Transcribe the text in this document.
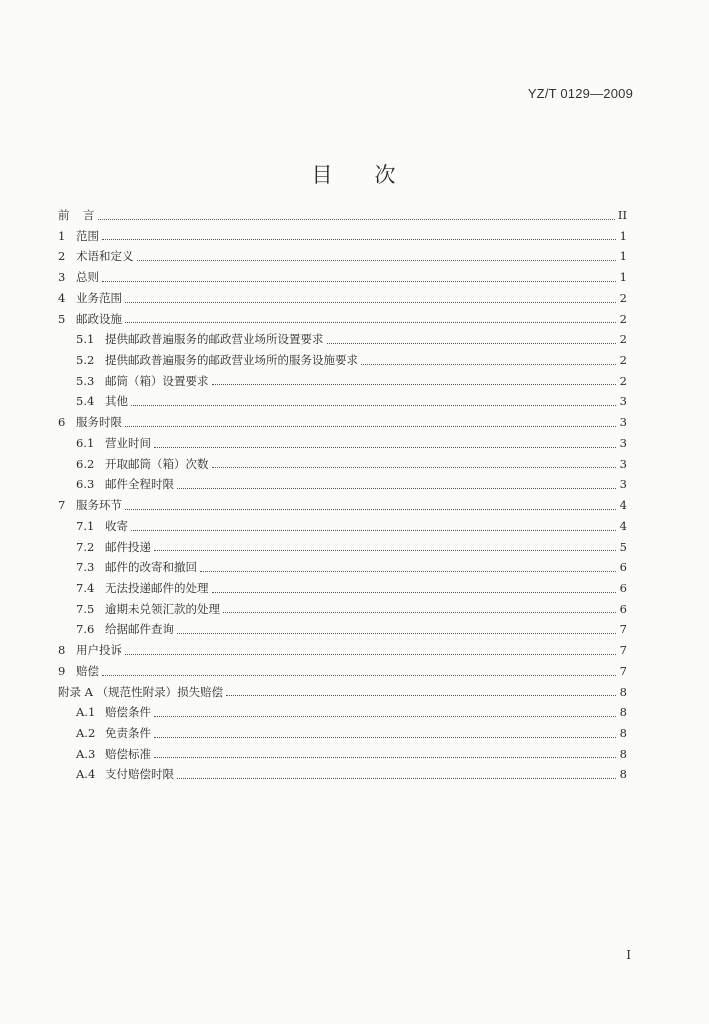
YZ/T 0129—2009
目次
前	言	II
1 范围	1
2 术语和定义	1
3 总则	1
4 业务范围	2
5 邮政设施	2
5.1 提供邮政普遍服务的邮政营业场所设置要求	2
5.2 提供邮政普遍服务的邮政营业场所的服务设施要求	2
5.3 邮筒（箱）设置要求	2
5.4 其他	3
6 服务时限	3
6.1 营业时间	3
6.2 开取邮筒（箱）次数	3
6.3 邮件全程时限	3
7 服务环节	4
7.1 收寄	4
7.2 邮件投递	5
7.3 邮件的改寄和撤回	6
7.4 无法投递邮件的处理	6
7.5 逾期未兑领汇款的处理	6
7.6 给据邮件查询	7
8 用户投诉	7
9 赔偿	7
附录 A （规范性附录）损失赔偿	8
A.1 赔偿条件	8
A.2 免责条件	8
A.3 赔偿标准	8
A.4 支付赔偿时限	8
I
